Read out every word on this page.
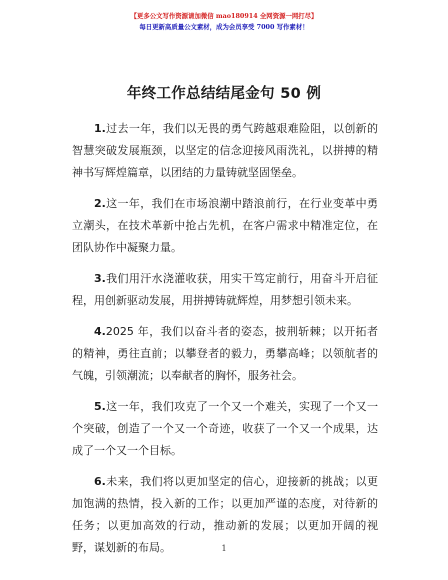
【更多公文写作资源请加微信 mao180914 全网资源一网打尽】
每日更新高质量公文素材，成为会员享受 7000 写作素材！
年终工作总结结尾金句 50 例

1.过去一年，我们以无畏的勇气跨越艰难险阻，以创新的智慧突破发展瓶颈，以坚定的信念迎接风雨洗礼，以拼搏的精神书写辉煌篇章，以团结的力量铸就坚固堡垒。

2.这一年，我们在市场浪潮中踏浪前行，在行业变革中勇立潮头，在技术革新中抢占先机，在客户需求中精准定位，在团队协作中凝聚力量。

3.我们用汗水浇灌收获，用实干笃定前行，用奋斗开启征程，用创新驱动发展，用拼搏铸就辉煌，用梦想引领未来。

4.2025 年，我们以奋斗者的姿态，披荆斩棘；以开拓者的精神，勇往直前；以攀登者的毅力，勇攀高峰；以领航者的气魄，引领潮流；以奉献者的胸怀，服务社会。

5.这一年，我们攻克了一个又一个难关，实现了一个又一个突破，创造了一个又一个奇迹，收获了一个又一个成果，达成了一个又一个目标。

6.未来，我们将以更加坚定的信心，迎接新的挑战；以更加饱满的热情，投入新的工作；以更加严谨的态度，对待新的任务；以更加高效的行动，推动新的发展；以更加开阔的视野，谋划新的布局。	1
